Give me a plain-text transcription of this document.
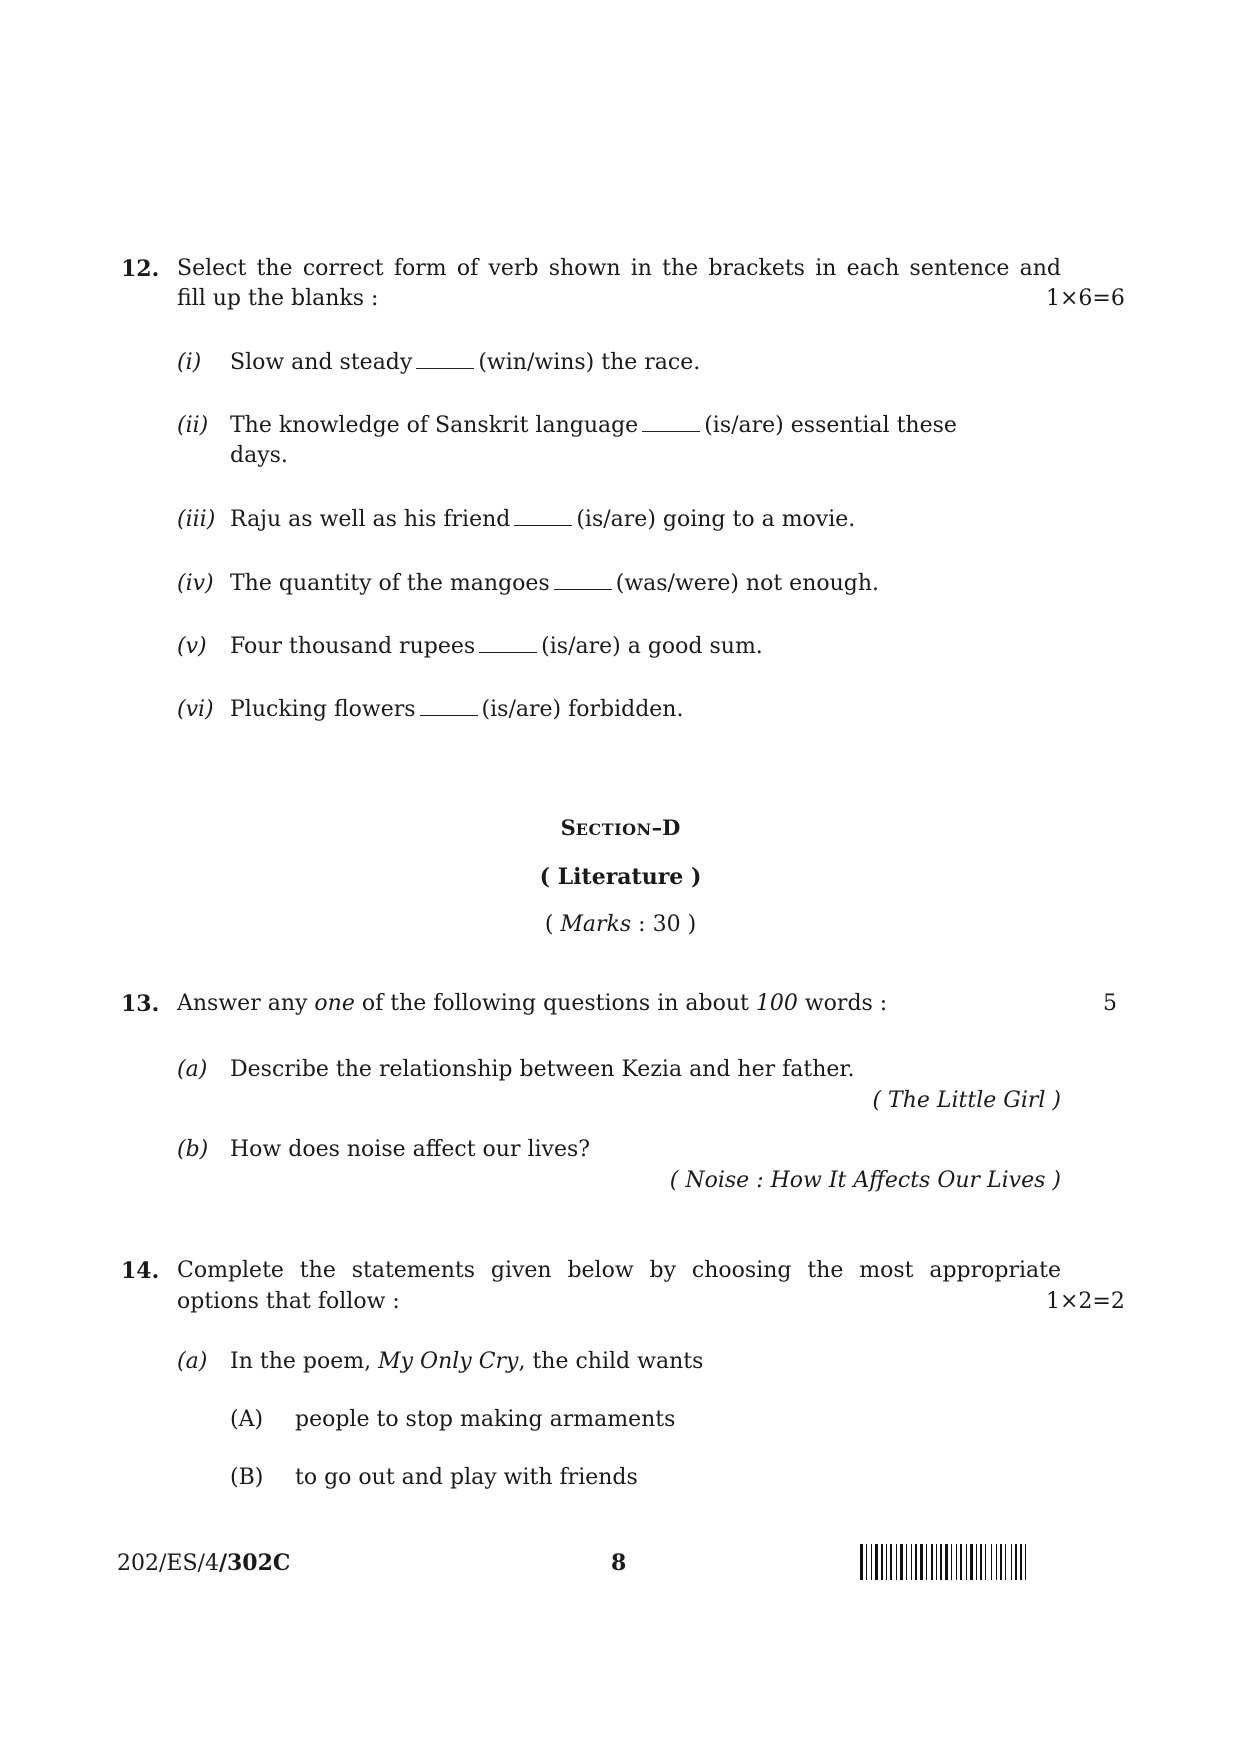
12. Select the correct form of verb shown in the brackets in each sentence and
fill up the blanks :	1×6=6
(i) Slow and steady	(win/wins) the race.
(ii) The knowledge of Sanskrit language	(is/are) essential these
days.
(iii) Raju as well as his friend	(is/are) going to a movie.
(iv) The quantity of the mangoes	(was/were) not enough.
(v) Four thousand rupees	(is/are) a good sum.
(vi) Plucking flowers	(is/are) forbidden.
SECTION–D
( Literature )
( Marks : 30 )
13. Answer any one of the following questions in about 100 words :	5
(a) Describe the relationship between Kezia and her father.
( The Little Girl )
(b) How does noise affect our lives?
( Noise : How It Affects Our Lives )
14. Complete the statements given below by choosing the most appropriate
options that follow :	1×2=2
(a) In the poem, My Only Cry, the child wants
(A) people to stop making armaments
(B) to go out and play with friends
202/ES/4/302C	8
